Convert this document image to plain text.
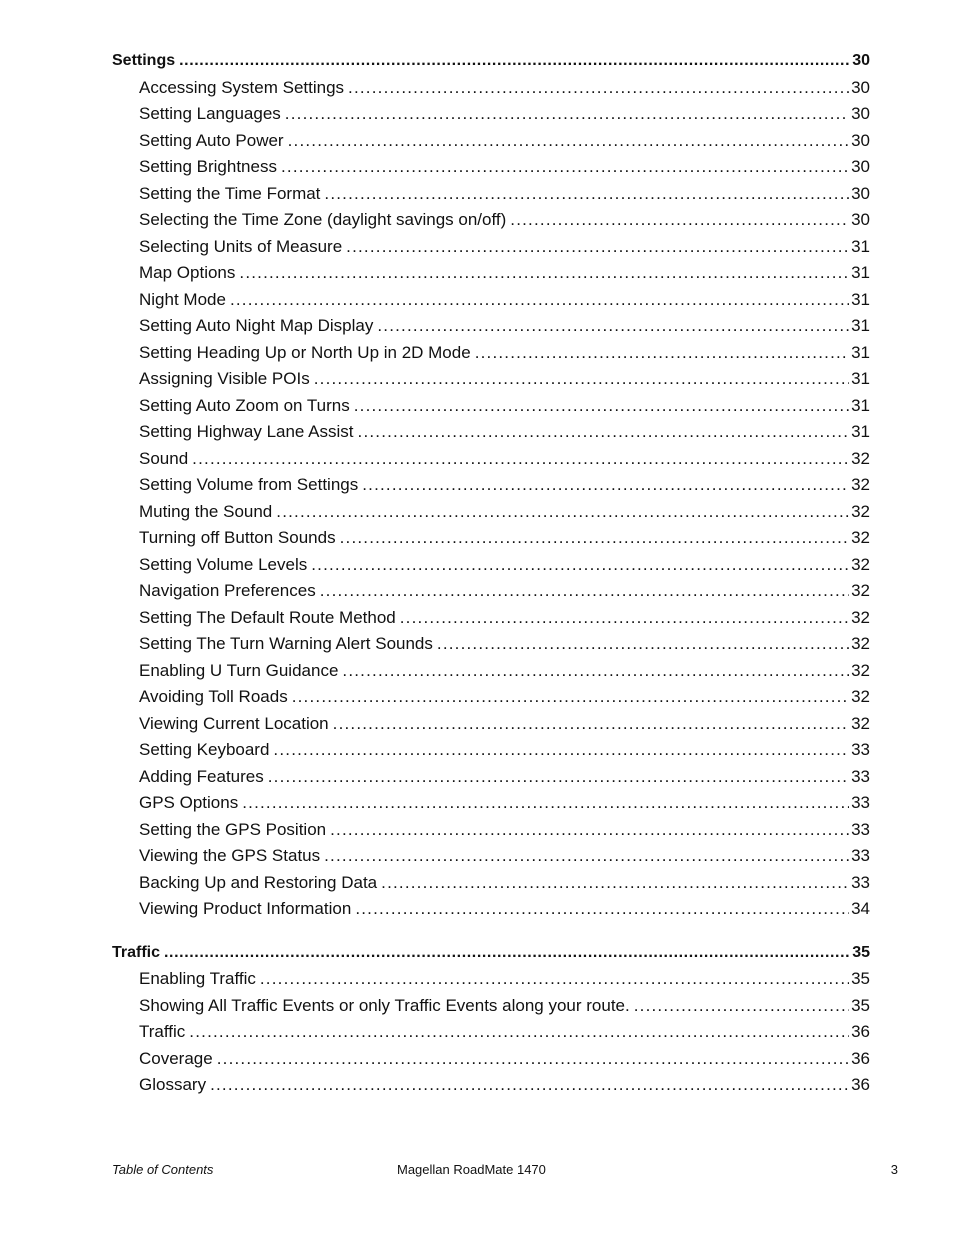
Settings .....	30
Accessing System Settings .....	30
Setting Languages .....	30
Setting Auto Power .....	30
Setting Brightness .....	30
Setting the Time Format .....	30
Selecting the Time Zone (daylight savings on/off) .....	30
Selecting Units of Measure .....	31
Map Options .....	31
Night Mode .....	31
Setting Auto Night Map Display .....	31
Setting Heading Up or North Up in 2D Mode .....	31
Assigning Visible POIs .....	31
Setting Auto Zoom on Turns .....	31
Setting Highway Lane Assist .....	31
Sound .....	32
Setting Volume from Settings .....	32
Muting the Sound .....	32
Turning off Button Sounds .....	32
Setting Volume Levels .....	32
Navigation Preferences .....	32
Setting The Default Route Method .....	32
Setting The Turn Warning Alert Sounds .....	32
Enabling U Turn Guidance .....	32
Avoiding Toll Roads .....	32
Viewing Current Location .....	32
Setting Keyboard .....	33
Adding Features .....	33
GPS Options .....	33
Setting the GPS Position .....	33
Viewing the GPS Status .....	33
Backing Up and Restoring Data .....	33
Viewing Product Information .....	34
Traffic .....	35
Enabling Traffic .....	35
Showing All Traffic Events or only Traffic Events along your route. .....	35
Traffic .....	36
Coverage .....	36
Glossary .....	36
Table of Contents	Magellan RoadMate 1470	3
